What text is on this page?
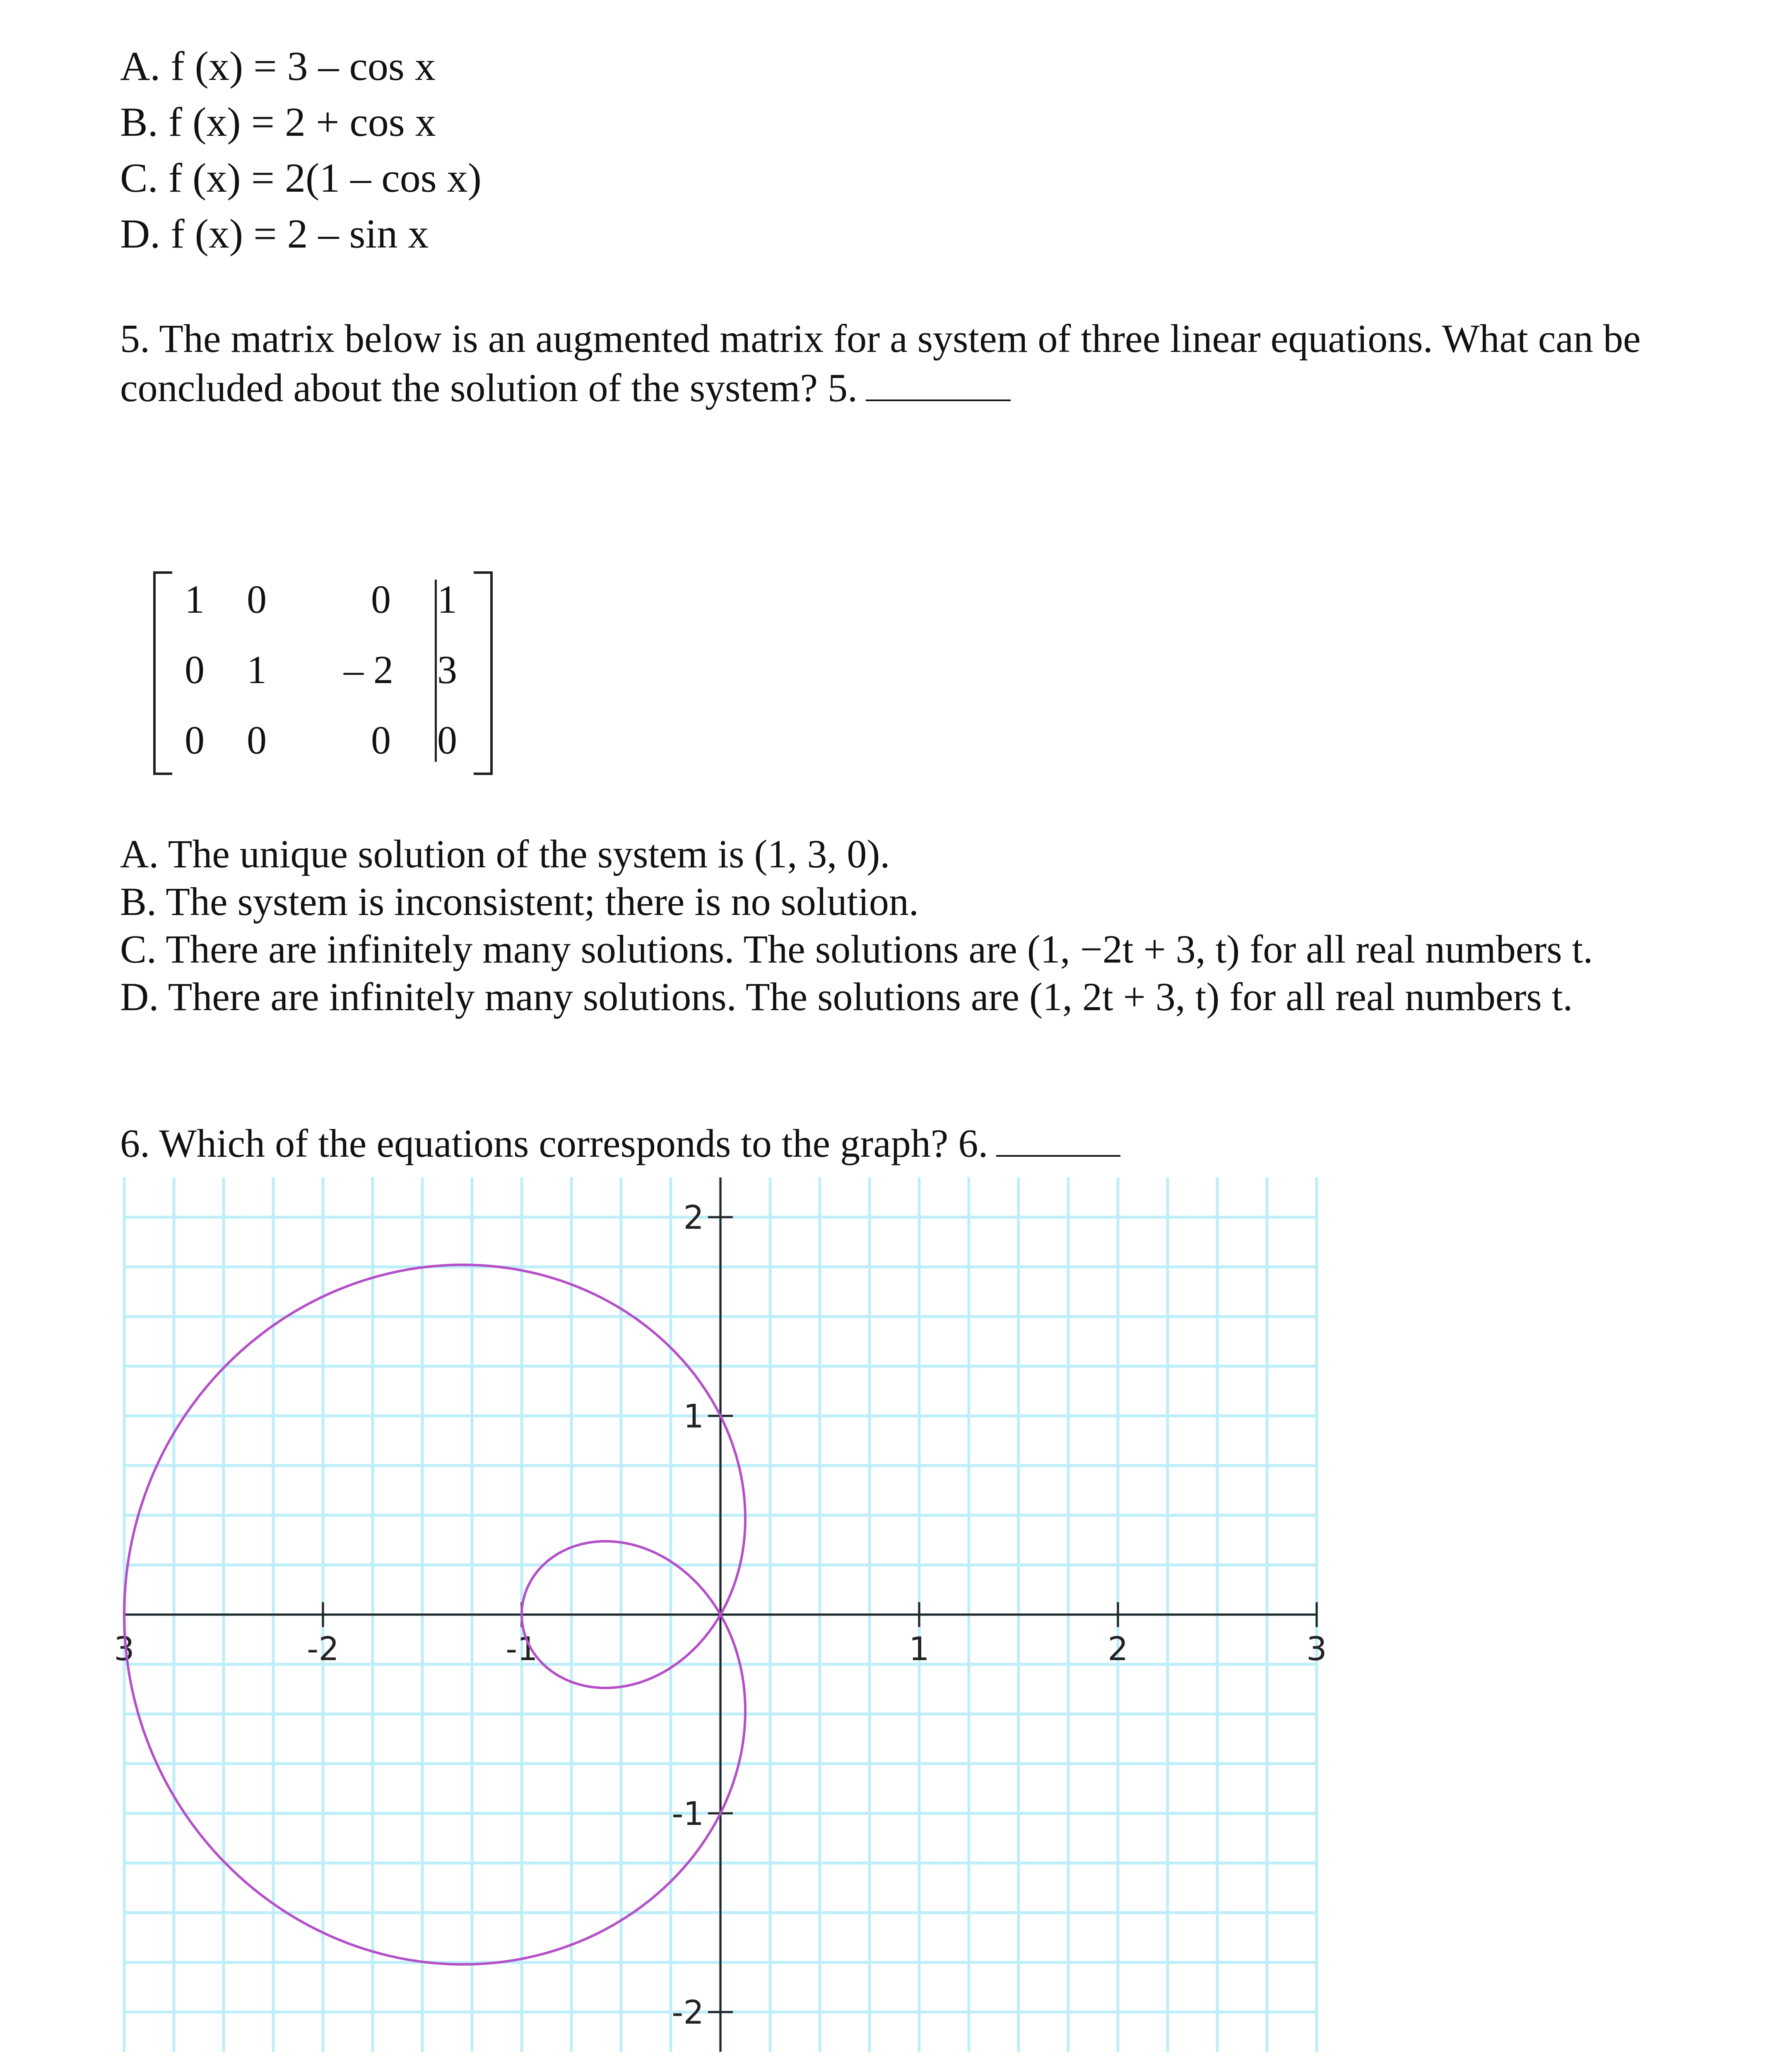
A. f (x) = 3 – cos x
B. f (x) = 2 + cos x
C. f (x) = 2(1 – cos x)
D. f (x) = 2 – sin x
5. The matrix below is an augmented matrix for a system of three linear equations. What can be
concluded about the solution of the system? 5.
1	0	0	1
0	1	– 2	3
0	0	0	0
A. The unique solution of the system is (1, 3, 0).
B. The system is inconsistent; there is no solution.
C. There are infinitely many solutions. The solutions are (1, −2t + 3, t) for all real numbers t.
D. There are infinitely many solutions. The solutions are (1, 2t + 3, t) for all real numbers t.
6. Which of the equations corresponds to the graph? 6.
3	-2	-1	1	2	3
2
1
-1
-2
